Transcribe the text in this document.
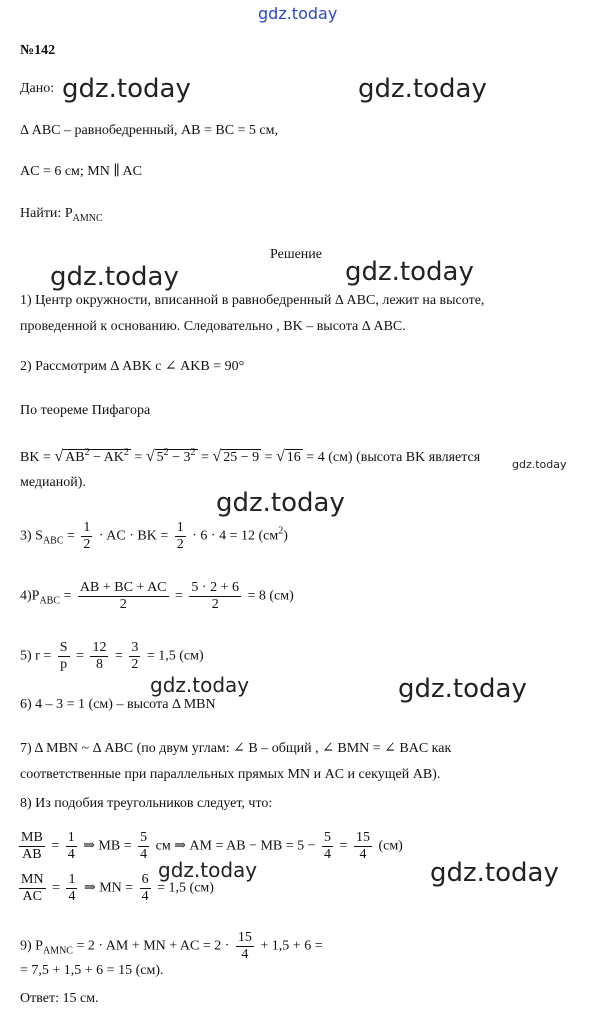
gdz.today
gdz.today	gdz.today
gdz.today	gdz.today
gdz.today
gdz.today
gdz.today	gdz.today
gdz.today	gdz.today
№142
Дано:
Δ ABC – равнобедренный, AB = BC = 5 см,
AC = 6 см; MN ∥ AC
Найти: $P_{AMNC}$
Решение
1) Центр окружности, вписанной в равнобедренный Δ ABC, лежит на высоте,
проведенной к основанию. Следовательно , BK – высота Δ ABC.
2) Рассмотрим Δ ABK с ∠ AKB = 90°
По теореме Пифагора
BK = √ $AB^2 - AK^2$ = √ $5^2 - 3^2$ = √ 25 − 9 = √ 16 = 4 (см) (высота BK является
медианой).
3) $S_{ABC} = \frac{1}{2}$ · AC · BK = $\frac{1}{2} \cdot 6 \cdot 4 = 12$ $(см^2)$
$4)P_{ABC} = \frac{AB + BC + AC}{2} = \frac{5 \cdot 2 + 6}{2} = 8$ (см)
5) $r = \frac{S}{p} = \frac{12}{8} = \frac{3}{2} = 1,5$ (см)
6) 4 – 3 = 1 (см) – высота Δ MBN
7) Δ MBN ~ Δ ABC (по двум углам: ∠ B – общий , ∠ BMN = ∠ BAC как
соответственные при параллельных прямых MN и AC и секущей AB).
8) Из подобия треугольников следует, что:
$\frac{MB}{AB} = \frac{1}{4}$ ⇒ MB = $\frac{5}{4}$ см ⇒ AM = AB − MB = $5 - \frac{5}{4} = \frac{15}{4} (см)$
$\frac{MN}{AC} = \frac{1}{4}$ ⇒ MN = $\frac{6}{4} = 1,5$ (см)
9) $P_{AMNC} = 2$ · AM + MN + AC = $2 \cdot \frac{15}{4} + 1,5 + 6$ =
= 7,5 + 1,5 + 6 = 15 (см).
Ответ: 15 см.
